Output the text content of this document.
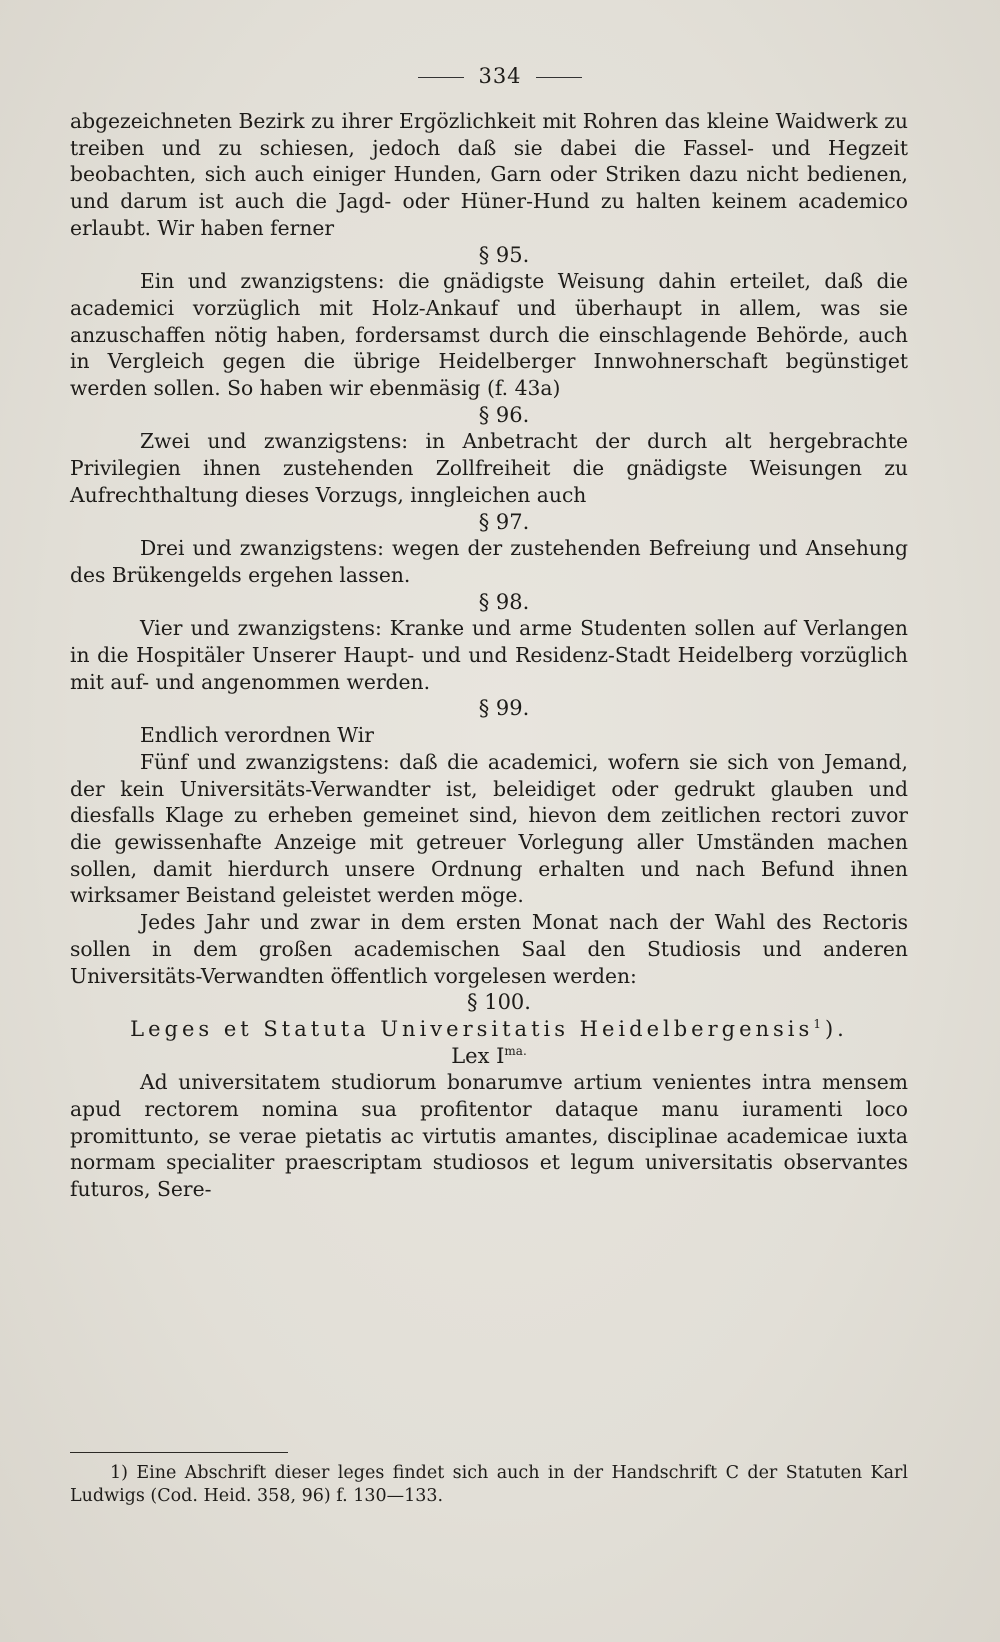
334

abgezeichneten Bezirk zu ihrer Ergözlichkeit mit Rohren das kleine Waidwerk zu treiben und zu schiesen, jedoch daß sie dabei die Fassel- und Hegzeit beobachten, sich auch einiger Hunden, Garn oder Striken dazu nicht bedienen, und darum ist auch die Jagd- oder Hüner-Hund zu halten keinem academico erlaubt. Wir haben ferner

§ 95.

Ein und zwanzigstens: die gnädigste Weisung dahin erteilet, daß die academici vorzüglich mit Holz-Ankauf und überhaupt in allem, was sie anzuschaffen nötig haben, fordersamst durch die einschlagende Behörde, auch in Vergleich gegen die übrige Heidelberger Innwohnerschaft begünstiget werden sollen. So haben wir ebenmäsig (f. 43a)

§ 96.

Zwei und zwanzigstens: in Anbetracht der durch alt hergebrachte Privilegien ihnen zustehenden Zollfreiheit die gnädigste Weisungen zu Aufrechthaltung dieses Vorzugs, inngleichen auch

§ 97.

Drei und zwanzigstens: wegen der zustehenden Befreiung und Ansehung des Brükengelds ergehen lassen.

§ 98.

Vier und zwanzigstens: Kranke und arme Studenten sollen auf Verlangen in die Hospitäler Unserer Haupt- und und Residenz-Stadt Heidelberg vorzüglich mit auf- und angenommen werden.

§ 99.

Endlich verordnen Wir

Fünf und zwanzigstens: daß die academici, wofern sie sich von Jemand, der kein Universitäts-Verwandter ist, beleidiget oder gedrukt glauben und diesfalls Klage zu erheben gemeinet sind, hievon dem zeitlichen rectori zuvor die gewissenhafte Anzeige mit getreuer Vorlegung aller Umständen machen sollen, damit hierdurch unsere Ordnung erhalten und nach Befund ihnen wirksamer Beistand geleistet werden möge.

Jedes Jahr und zwar in dem ersten Monat nach der Wahl des Rectoris sollen in dem großen academischen Saal den Studiosis und anderen Universitäts-Verwandten öffentlich vorgelesen werden:

§ 100.

Leges et Statuta Universitatis Heidelbergensis$^1$).

Lex $I^{ma.}$

Ad universitatem studiorum bonarumve artium venientes intra mensem apud rectorem nomina sua profitentor dataque manu iuramenti loco promittunto, se verae pietatis ac virtutis amantes, disciplinae academicae iuxta normam specialiter praescriptam studiosos et legum universitatis observantes futuros, Sere-

1) Eine Abschrift dieser leges findet sich auch in der Handschrift C der Statuten Karl Ludwigs (Cod. Heid. 358, 96) f. 130—133.
